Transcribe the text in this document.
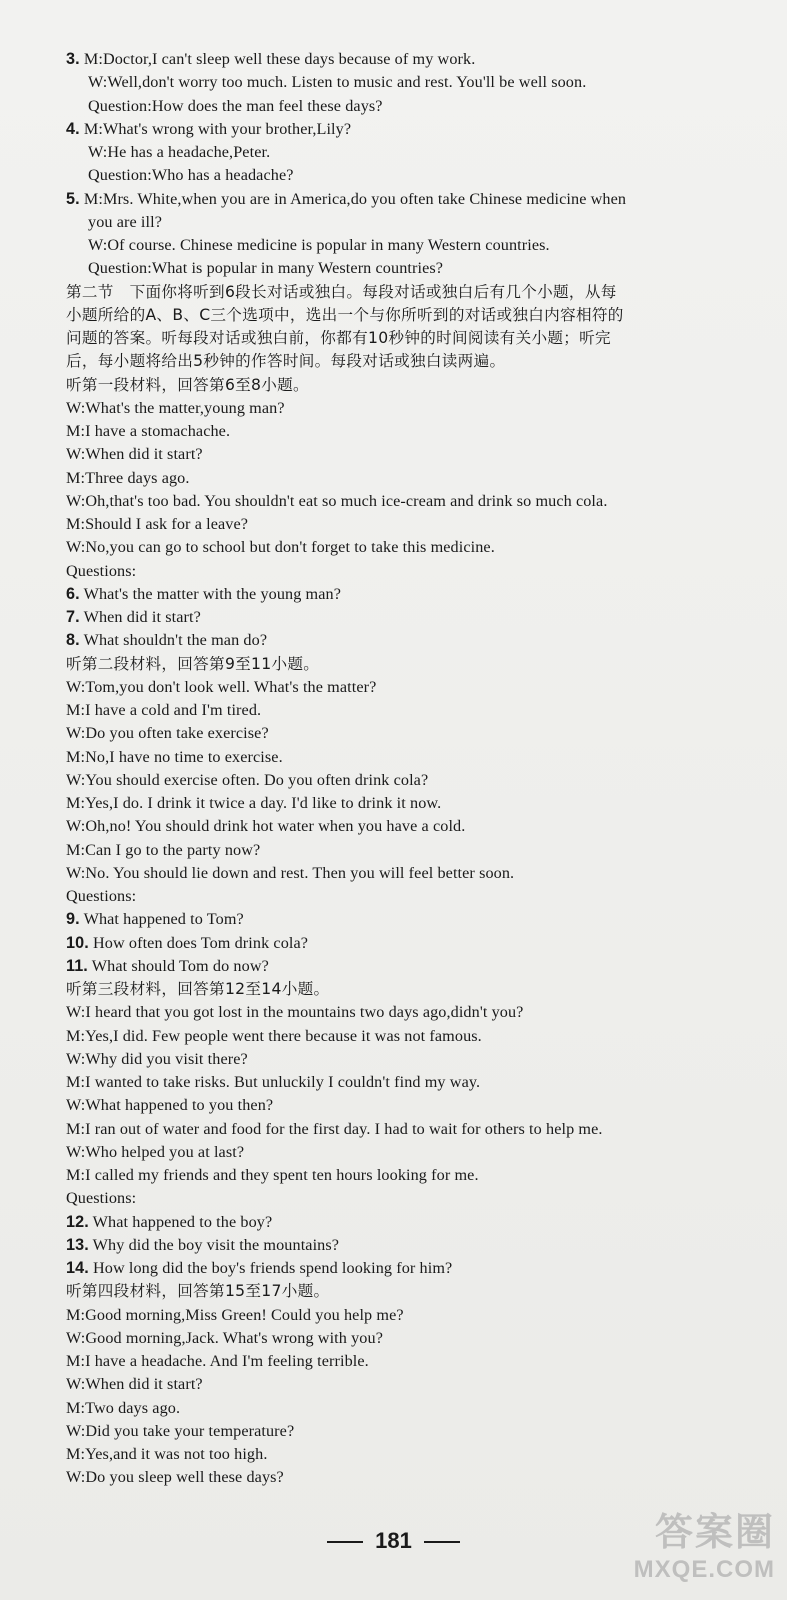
3. M:Doctor,I can't sleep well these days because of my work.
W:Well,don't worry too much. Listen to music and rest. You'll be well soon.
Question:How does the man feel these days?
4. M:What's wrong with your brother,Lily?
W:He has a headache,Peter.
Question:Who has a headache?
5. M:Mrs. White,when you are in America,do you often take Chinese medicine when
you are ill?
W:Of course. Chinese medicine is popular in many Western countries.
Question:What is popular in many Western countries?
第二节　下面你将听到6段长对话或独白。每段对话或独白后有几个小题，从每
小题所给的A、B、C三个选项中，选出一个与你所听到的对话或独白内容相符的
问题的答案。听每段对话或独白前，你都有10秒钟的时间阅读有关小题；听完
后，每小题将给出5秒钟的作答时间。每段对话或独白读两遍。
听第一段材料，回答第6至8小题。
W:What's the matter,young man?
M:I have a stomachache.
W:When did it start?
M:Three days ago.
W:Oh,that's too bad. You shouldn't eat so much ice-cream and drink so much cola.
M:Should I ask for a leave?
W:No,you can go to school but don't forget to take this medicine.
Questions:
6. What's the matter with the young man?
7. When did it start?
8. What shouldn't the man do?
听第二段材料，回答第9至11小题。
W:Tom,you don't look well. What's the matter?
M:I have a cold and I'm tired.
W:Do you often take exercise?
M:No,I have no time to exercise.
W:You should exercise often. Do you often drink cola?
M:Yes,I do. I drink it twice a day. I'd like to drink it now.
W:Oh,no! You should drink hot water when you have a cold.
M:Can I go to the party now?
W:No. You should lie down and rest. Then you will feel better soon.
Questions:
9. What happened to Tom?
10. How often does Tom drink cola?
11. What should Tom do now?
听第三段材料，回答第12至14小题。
W:I heard that you got lost in the mountains two days ago,didn't you?
M:Yes,I did. Few people went there because it was not famous.
W:Why did you visit there?
M:I wanted to take risks. But unluckily I couldn't find my way.
W:What happened to you then?
M:I ran out of water and food for the first day. I had to wait for others to help me.
W:Who helped you at last?
M:I called my friends and they spent ten hours looking for me.
Questions:
12. What happened to the boy?
13. Why did the boy visit the mountains?
14. How long did the boy's friends spend looking for him?
听第四段材料，回答第15至17小题。
M:Good morning,Miss Green! Could you help me?
W:Good morning,Jack. What's wrong with you?
M:I have a headache. And I'm feeling terrible.
W:When did it start?
M:Two days ago.
W:Did you take your temperature?
M:Yes,and it was not too high.
W:Do you sleep well these days?
181	答案圈
MXQE.COM
